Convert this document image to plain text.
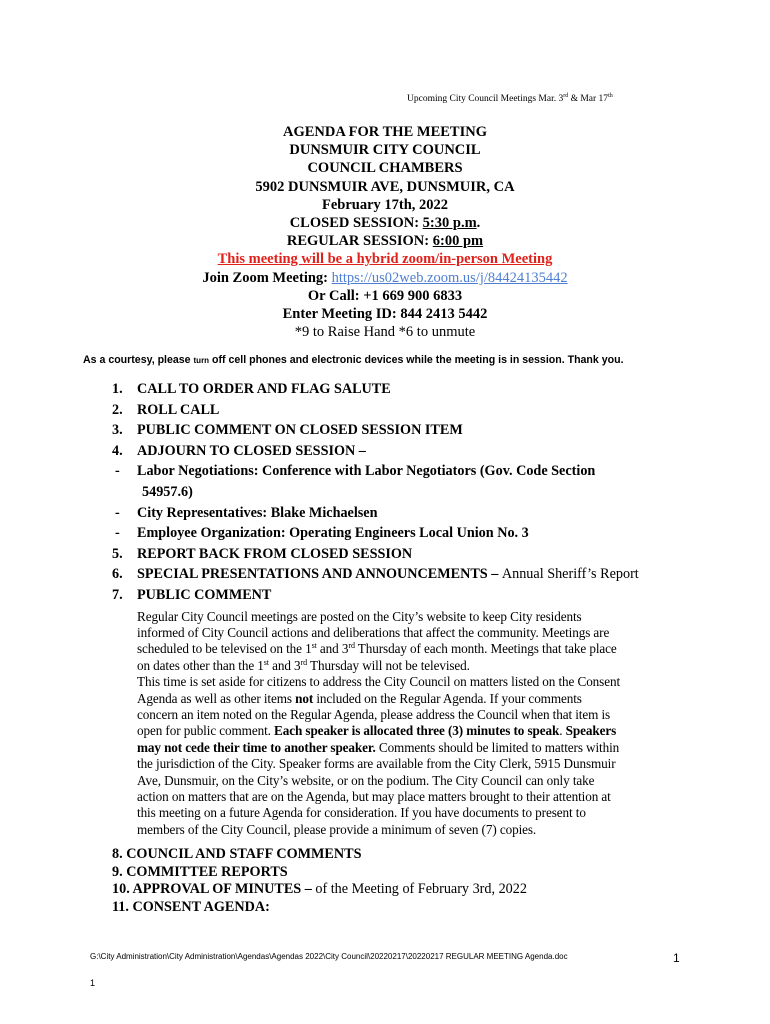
Upcoming City Council Meetings Mar. 3rd & Mar 17th
AGENDA FOR THE MEETING
DUNSMUIR CITY COUNCIL
COUNCIL CHAMBERS
5902 DUNSMUIR AVE, DUNSMUIR, CA
February 17th, 2022
CLOSED SESSION: 5:30 p.m.
REGULAR SESSION: 6:00 pm
This meeting will be a hybrid zoom/in-person Meeting
Join Zoom Meeting: https://us02web.zoom.us/j/84424135442
Or Call: +1 669 900 6833
Enter Meeting ID: 844 2413 5442
*9 to Raise Hand *6 to unmute
As a courtesy, please turn off cell phones and electronic devices while the meeting is in session. Thank you.
1. CALL TO ORDER AND FLAG SALUTE
2. ROLL CALL
3. PUBLIC COMMENT ON CLOSED SESSION ITEM
4. ADJOURN TO CLOSED SESSION –
- Labor Negotiations: Conference with Labor Negotiators (Gov. Code Section
54957.6)
- City Representatives: Blake Michaelsen
- Employee Organization: Operating Engineers Local Union No. 3
5. REPORT BACK FROM CLOSED SESSION
6. SPECIAL PRESENTATIONS AND ANNOUNCEMENTS – Annual Sheriff’s Report
7. PUBLIC COMMENT
Regular City Council meetings are posted on the City’s website to keep City residents
informed of City Council actions and deliberations that affect the community. Meetings are
scheduled to be televised on the 1st and 3rd Thursday of each month. Meetings that take place
on dates other than the 1st and 3rd Thursday will not be televised.
This time is set aside for citizens to address the City Council on matters listed on the Consent
Agenda as well as other items not included on the Regular Agenda. If your comments
concern an item noted on the Regular Agenda, please address the Council when that item is
open for public comment. Each speaker is allocated three (3) minutes to speak. Speakers
may not cede their time to another speaker. Comments should be limited to matters within
the jurisdiction of the City. Speaker forms are available from the City Clerk, 5915 Dunsmuir
Ave, Dunsmuir, on the City’s website, or on the podium. The City Council can only take
action on matters that are on the Agenda, but may place matters brought to their attention at
this meeting on a future Agenda for consideration. If you have documents to present to
members of the City Council, please provide a minimum of seven (7) copies.
8. COUNCIL AND STAFF COMMENTS
9. COMMITTEE REPORTS
10. APPROVAL OF MINUTES – of the Meeting of February 3rd, 2022
11. CONSENT AGENDA:
G:\City Administration\City Administration\Agendas\Agendas 2022\City Council\20220217\20220217 REGULAR MEETING Agenda.doc	1
1
